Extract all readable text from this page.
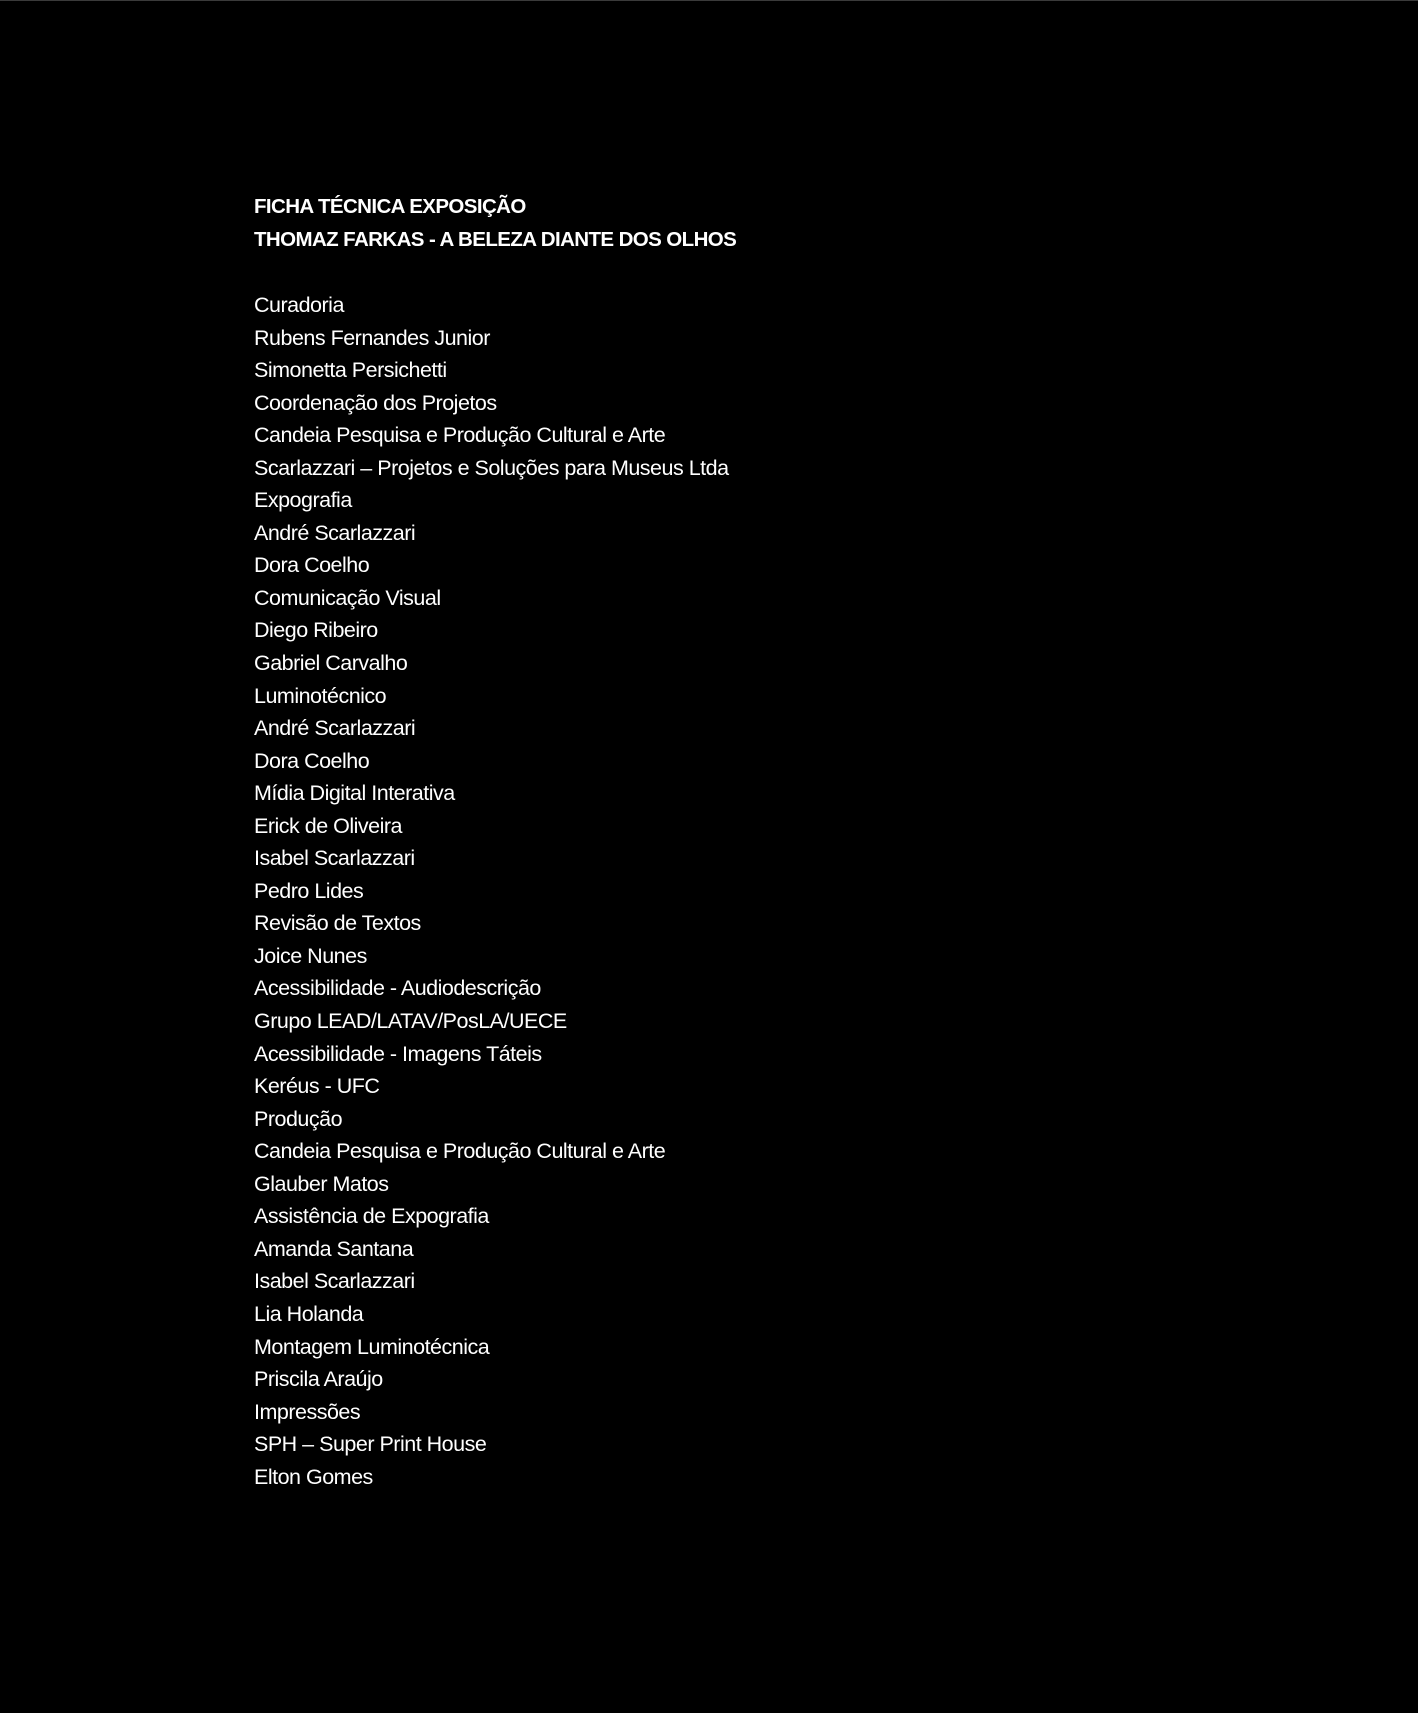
FICHA TÉCNICA EXPOSIÇÃO
THOMAZ FARKAS - A BELEZA DIANTE DOS OLHOS
Curadoria
Rubens Fernandes Junior
Simonetta Persichetti
Coordenação dos Projetos
Candeia Pesquisa e Produção Cultural e Arte
Scarlazzari – Projetos e Soluções para Museus Ltda
Expografia
André Scarlazzari
Dora Coelho
Comunicação Visual
Diego Ribeiro
Gabriel Carvalho
Luminotécnico
André Scarlazzari
Dora Coelho
Mídia Digital Interativa
Erick de Oliveira
Isabel Scarlazzari
Pedro Lides
Revisão de Textos
Joice Nunes
Acessibilidade - Audiodescrição
Grupo LEAD/LATAV/PosLA/UECE
Acessibilidade - Imagens Táteis
Keréus - UFC
Produção
Candeia Pesquisa e Produção Cultural e Arte
Glauber Matos
Assistência de Expografia
Amanda Santana
Isabel Scarlazzari
Lia Holanda
Montagem Luminotécnica
Priscila Araújo
Impressões
SPH – Super Print House
Elton Gomes
